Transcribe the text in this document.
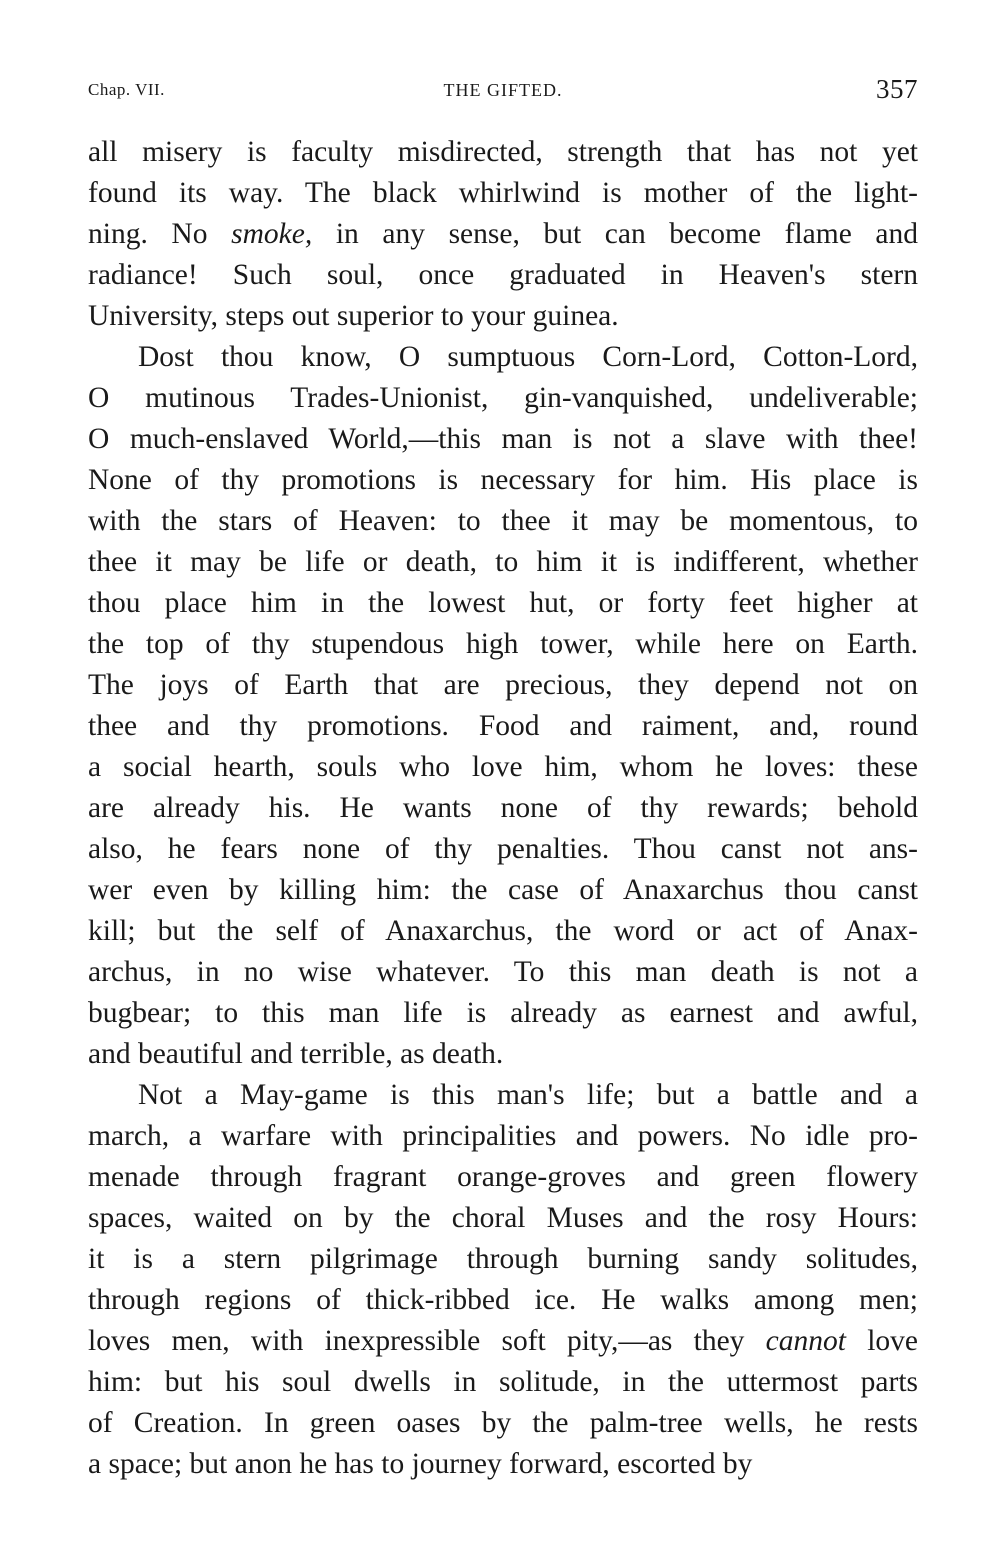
Chap. VII.	THE GIFTED.	357
all misery is faculty misdirected, strength that has not yet
found its way. The black whirlwind is mother of the light-
ning. No smoke, in any sense, but can become flame and
radiance! Such soul, once graduated in Heaven's stern
University, steps out superior to your guinea.
Dost thou know, O sumptuous Corn-Lord, Cotton-Lord,
O mutinous Trades-Unionist, gin-vanquished, undeliverable;
O much-enslaved World,—this man is not a slave with thee!
None of thy promotions is necessary for him. His place is
with the stars of Heaven: to thee it may be momentous, to
thee it may be life or death, to him it is indifferent, whether
thou place him in the lowest hut, or forty feet higher at
the top of thy stupendous high tower, while here on Earth.
The joys of Earth that are precious, they depend not on
thee and thy promotions. Food and raiment, and, round
a social hearth, souls who love him, whom he loves: these
are already his. He wants none of thy rewards; behold
also, he fears none of thy penalties. Thou canst not ans-
wer even by killing him: the case of Anaxarchus thou canst
kill; but the self of Anaxarchus, the word or act of Anax-
archus, in no wise whatever. To this man death is not a
bugbear; to this man life is already as earnest and awful,
and beautiful and terrible, as death.
Not a May-game is this man's life; but a battle and a
march, a warfare with principalities and powers. No idle pro-
menade through fragrant orange-groves and green flowery
spaces, waited on by the choral Muses and the rosy Hours:
it is a stern pilgrimage through burning sandy solitudes,
through regions of thick-ribbed ice. He walks among men;
loves men, with inexpressible soft pity,—as they cannot love
him: but his soul dwells in solitude, in the uttermost parts
of Creation. In green oases by the palm-tree wells, he rests
a space; but anon he has to journey forward, escorted by
